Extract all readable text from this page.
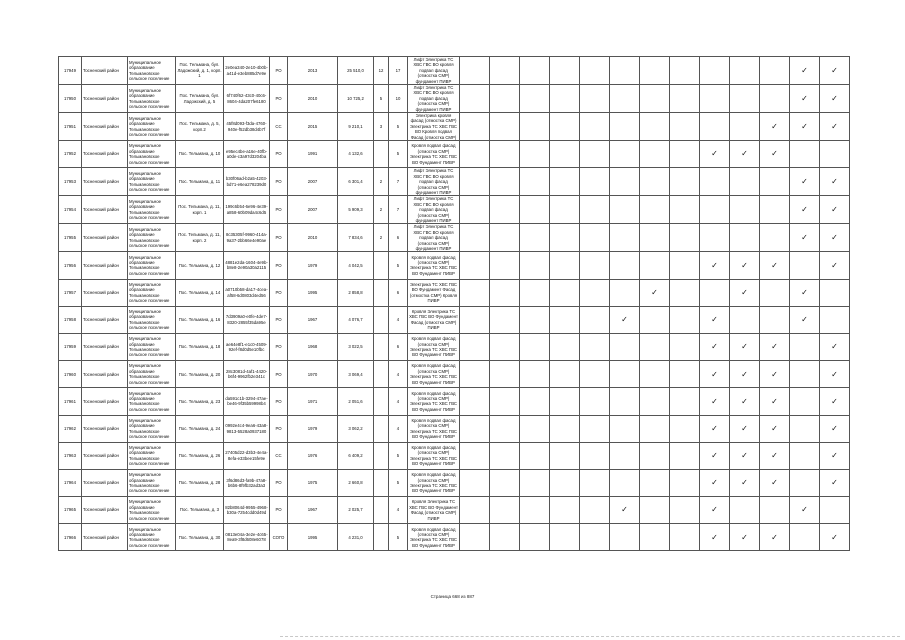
17949	Тосненский район	Муниципальное образование Тельмановское сельское поселение	Пос. Тельмана, бул. Ладожский, д. 1, корп. 1	2e0ea340-2e10-4b0b-a41d-e3eb885d7e9e	РО	2013	25 510,0	12	17	Лифт Электрика ТС ХВС ГВС ВО кровля подвал фасад (отмостка СМР) фундамент ПИВР												✓	✓
17950	Тосненский район	Муниципальное образование Тельмановское сельское поселение	Пос. Тельмана, бул. Ладожский, д. 5	6f740f62-43c0-40c6-8604-4da207fe6180	РО	2010	10 725,2	5	10	Лифт Электрика ТС ХВС ГВС ВО кровля подвал фасад (отмостка СМР) фундамент ПИВР												✓	✓
17951	Тосненский район	Муниципальное образование Тельмановское сельское поселение	Пос. Тельмана, д. 5, корп.2	45f8d093-f3da-4760-940e-f52db38d4b7f	СС	2015	9 210,1	3	5	Электрика кровля фасад (отмостка СМР) Электрика ТС ХВС ГВС ВО Кровля подвал Фасад (отмостка СМР)											✓	✓	✓
17952	Тосненский район	Муниципальное образование Тельмановское сельское поселение	Пос. Тельмана, д. 10	e95ec4be-a16e-40fb-a0de-c3a97d3204ba	РО	1991	4 132,6		5	Кровля подвал фасад (отмостка СМР) Электрика ТС ХВС ГВС ВО Фундамент ПИВР									✓	✓	✓		
17953	Тосненский район	Муниципальное образование Тельмановское сельское поселение	Пос. Тельмана, д. 11	b30f06ad-b2a5-4203-bd71-e6ea278239d0	РО	2007	6 301,4	2	7	Лифт Электрика ТС ХВС ГВС ВО кровля подвал фасад (отмостка СМР) фундамент ПИВР												✓	✓
17954	Тосненский район	Муниципальное образование Тельмановское сельское поселение	Пос. Тельмана, д. 11, корп. 1	199c6b54-6e96-4e39-a858-60b09da4c6d5	РО	2007	5 909,3	2	7	Лифт Электрика ТС ХВС ГВС ВО кровля подвал фасад (отмостка СМР) фундамент ПИВР												✓	✓
17955	Тосненский район	Муниципальное образование Тельмановское сельское поселение	Пос. Тельмана, д. 11, корп. 2	8c35305f-9960-414a-9a37-2bb66e4e90ae	РО	2010	7 834,6	2	6	Лифт Электрика ТС ХВС ГВС ВО кровля подвал фасад (отмостка СМР) фундамент ПИВР												✓	✓
17956	Тосненский район	Муниципальное образование Тельмановское сельское поселение	Пос. Тельмана, д. 12	4881e2da-1604-4e9b-b8e8-2e90a30a2115	РО	1979	4 042,5		5	Кровля подвал фасад (отмостка СМР) Электрика ТС ХВС ГВС ВО Фундамент ПИВР									✓	✓	✓		✓
17957	Тосненский район	Муниципальное образование Тельмановское сельское поселение	Пос. Тельмана, д. 14	a0710b58-da17-4cea-af58-6d0803d4ed56	РО	1995	2 858,8		6	Электрика ТС ХВС ГВС ВО Фундамент Фасад (отмостка СМР) Кровля ПИВР							✓			✓		✓	
17958	Тосненский район	Муниципальное образование Тельмановское сельское поселение	Пос. Тельмана, д. 16	7d3909a0-e0fe-4de7-8320-2855f35da95e	РО	1967	4 076,7		4	Кровля Электрика ТС ХВС ГВС ВО Фундамент Фасад (отмостка СМР) ПИВР						✓			✓			✓	
17959	Тосненский район	Муниципальное образование Тельмановское сельское поселение	Пос. Тельмана, д. 18	ae64e8f1-e1c0-4509-92ef-f8d0d5e10fbc	РО	1968	3 022,5		6	Кровля подвал фасад (отмостка СМР) Электрика ТС ХВС ГВС ВО Фундамент ПИВР									✓	✓	✓		✓
17960	Тосненский район	Муниципальное образование Тельмановское сельское поселение	Пос. Тельмана, д. 20	28c3081d-4af1-4420-b6f4-9962fb2e341c	РО	1970	3 069,4		4	Кровля подвал фасад (отмостка СМР) Электрика ТС ХВС ГВС ВО Фундамент ПИВР									✓	✓	✓		✓
17961	Тосненский район	Муниципальное образование Тельмановское сельское поселение	Пос. Тельмана, д. 23	da591c1b-3294-47ae-be46-9f35b59998b4	РО	1971	2 051,6		4	Кровля подвал фасад (отмостка СМР) Электрика ТС ХВС ГВС ВО Фундамент ПИВР									✓	✓	✓		✓
17962	Тосненский район	Муниципальное образование Тельмановское сельское поселение	Пос. Тельмана, д. 24	0992e4c4-9ea6-43a8-9813-5528a0937180	РО	1979	3 062,2		4	Кровля подвал фасад (отмостка СМР) Электрика ТС ХВС ГВС ВО Фундамент ПИВР									✓	✓	✓		✓
17963	Тосненский район	Муниципальное образование Тельмановское сельское поселение	Пос. Тельмана, д. 26	27405d22-d3b3-4e4a-8efa-e33bee15fe9e	СС	1976	6 409,2		5	Кровля подвал фасад (отмостка СМР) Электрика ТС ХВС ГВС ВО Фундамент ПИВР									✓	✓	✓		✓
17964	Тосненский район	Муниципальное образование Тельмановское сельское поселение	Пос. Тельмана, д. 28	3f6d86d3-fa9b-47a8-b6b6-8f9fb32ad3a3	РО	1975	2 660,8		5	Кровля подвал фасад (отмостка СМР) Электрика ТС ХВС ГВС ВО Фундамент ПИВР									✓	✓	✓		✓
17965	Тосненский район	Муниципальное образование Тельмановское сельское поселение	Пос. Тельмана, д. 3	82b8064d-9955-4968-b30a-7254cdd0d49d	РО	1967	2 025,7		4	Кровля Электрика ТС ХВС ГВС ВО Фундамент Фасад (отмостка СМР) ПИВР						✓			✓			✓	
17966	Тосненский район	Муниципальное образование Тельмановское сельское поселение	Пос. Тельмана, д. 30	0813e04a-3e2e-4c65-8ea9-3f8d608e6078	СОГО	1995	4 231,0		5	Кровля подвал фасад (отмостка СМР) Электрика ТС ХВС ГВС ВО Фундамент ПИВР									✓	✓	✓		✓
Страница 668 из 887
